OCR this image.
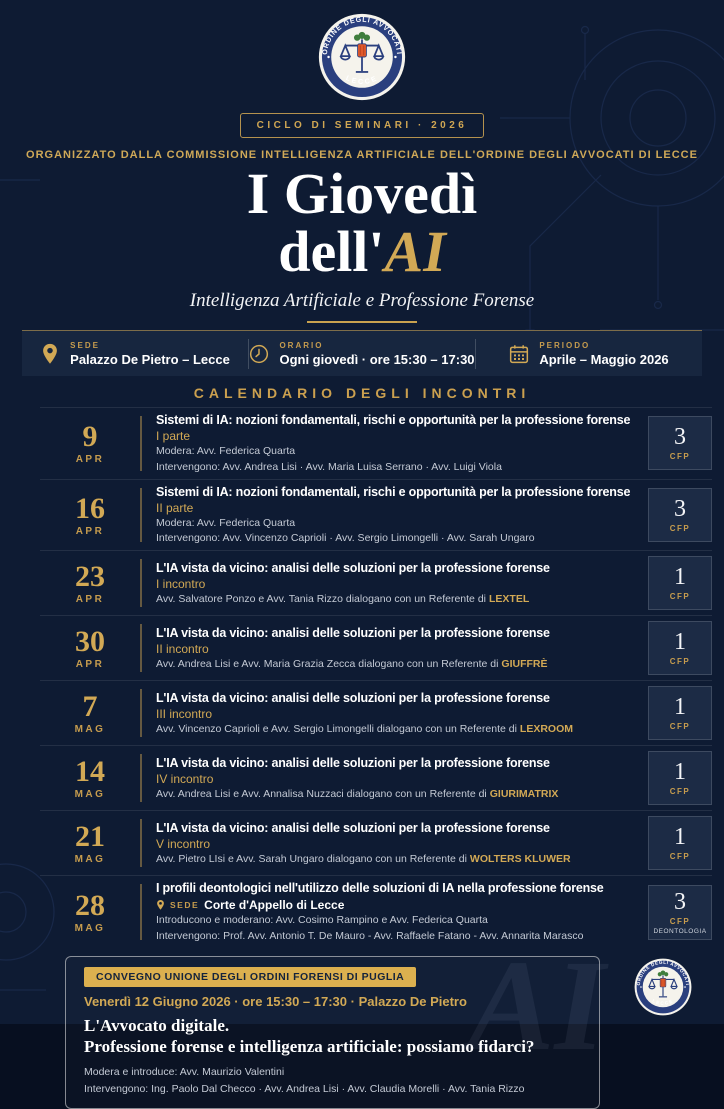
CICLO DI SEMINARI · 2026
ORGANIZZATO DALLA COMMISSIONE INTELLIGENZA ARTIFICIALE DELL'ORDINE DEGLI AVVOCATI DI LECCE
I Giovedì
dell'AI
Intelligenza Artificiale e Professione Forense
SEDE
Palazzo De Pietro – Lecce
ORARIO
Ogni giovedì · ore 15:30 – 17:30
PERIODO
Aprile – Maggio 2026
CALENDARIO DEGLI INCONTRI
9
APR
Sistemi di IA: nozioni fondamentali, rischi e opportunità per la professione forense
I parte
Modera: Avv. Federica Quarta
Intervengono: Avv. Andrea Lisi · Avv. Maria Luisa Serrano · Avv. Luigi Viola
3
CFP
16
APR
Sistemi di IA: nozioni fondamentali, rischi e opportunità per la professione forense
II parte
Modera: Avv. Federica Quarta
Intervengono: Avv. Vincenzo Caprioli · Avv. Sergio Limongelli · Avv. Sarah Ungaro
3
CFP
23
APR
L'IA vista da vicino: analisi delle soluzioni per la professione forense
I incontro
Avv. Salvatore Ponzo e Avv. Tania Rizzo dialogano con un Referente di LEXTEL
1
CFP
30
APR
L'IA vista da vicino: analisi delle soluzioni per la professione forense
II incontro
Avv. Andrea Lisi e Avv. Maria Grazia Zecca dialogano con un Referente di GIUFFRÈ
1
CFP
7
MAG
L'IA vista da vicino: analisi delle soluzioni per la professione forense
III incontro
Avv. Vincenzo Caprioli e Avv. Sergio Limongelli dialogano con un Referente di LEXROOM
1
CFP
14
MAG
L'IA vista da vicino: analisi delle soluzioni per la professione forense
IV incontro
Avv. Andrea Lisi e Avv. Annalisa Nuzzaci dialogano con un Referente di GIURIMATRIX
1
CFP
21
MAG
L'IA vista da vicino: analisi delle soluzioni per la professione forense
V incontro
Avv. Pietro LIsi e Avv. Sarah Ungaro dialogano con un Referente di WOLTERS KLUWER
1
CFP
28
MAG
I profili deontologici nell'utilizzo delle soluzioni di IA nella professione forense
SEDE Corte d'Appello di Lecce
Introducono e moderano: Avv. Cosimo Rampino e Avv. Federica Quarta
Intervengono: Prof. Avv. Antonio T. De Mauro - Avv. Raffaele Fatano - Avv. Annarita Marasco
3
CFP
DEONTOLOGIA
AI
CONVEGNO UNIONE DEGLI ORDINI FORENSI DI PUGLIA
Venerdì 12 Giugno 2026 · ore 15:30 – 17:30 · Palazzo De Pietro
L'Avvocato digitale.
Professione forense e intelligenza artificiale: possiamo fidarci?
Modera e introduce: Avv. Maurizio Valentini
Intervengono: Ing. Paolo Dal Checco · Avv. Andrea Lisi · Avv. Claudia Morelli · Avv. Tania Rizzo
